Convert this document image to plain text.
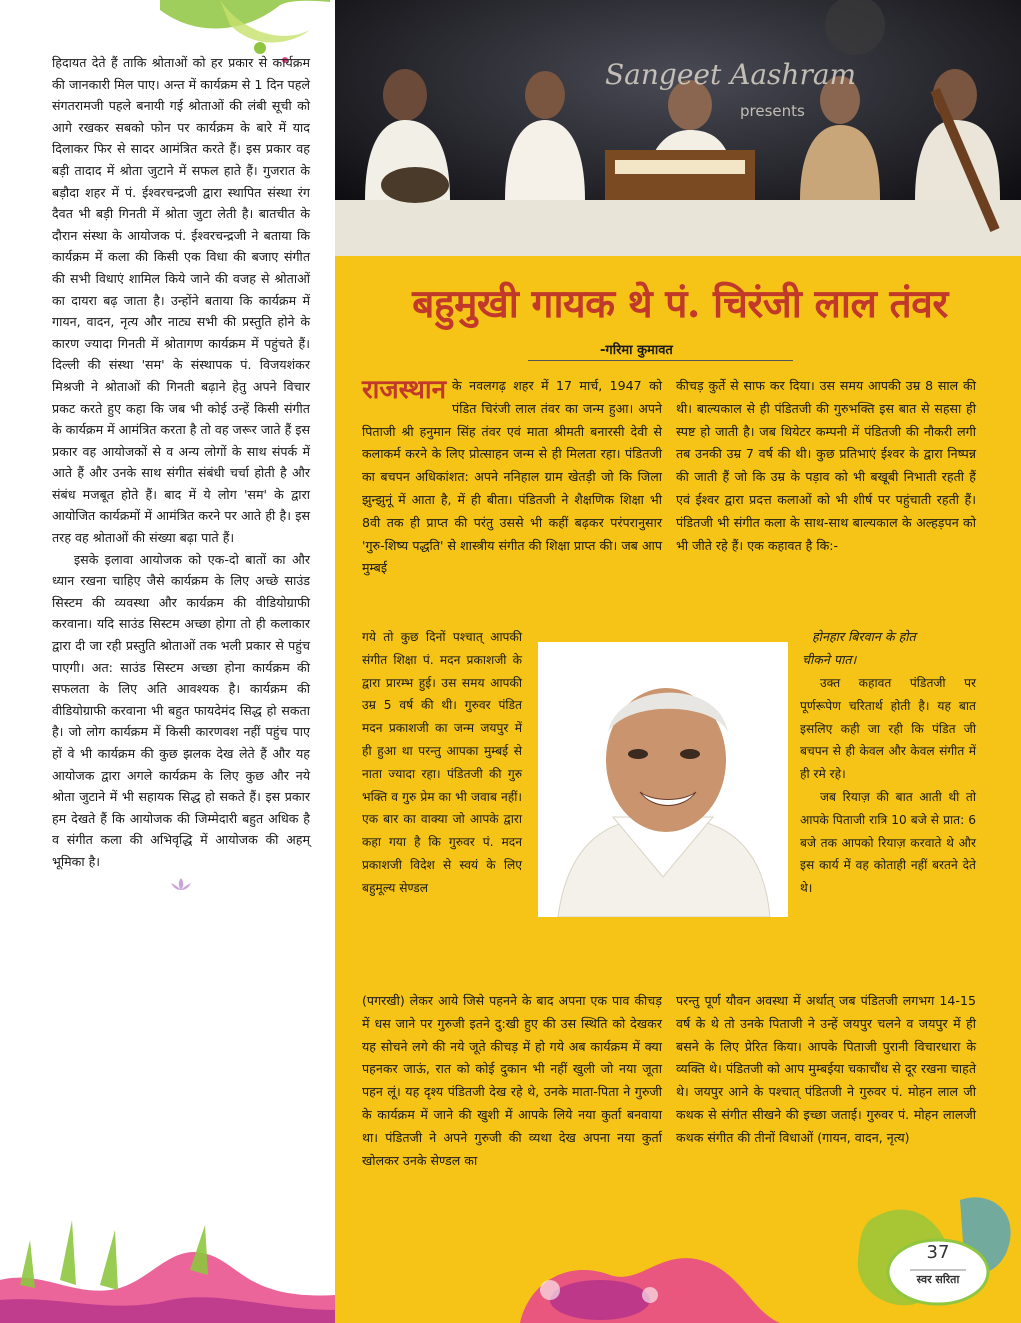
हिदायत देते हैं ताकि श्रोताओं को हर प्रकार से कार्यक्रम की जानकारी मिल पाए। अन्त में कार्यक्रम से 1 दिन पहले संगतरामजी पहले बनायी गई श्रोताओं की लंबी सूची को आगे रखकर सबको फोन पर कार्यक्रम के बारे में याद दिलाकर फिर से सादर आमंत्रित करते हैं। इस प्रकार वह बड़ी तादाद में श्रोता जुटाने में सफल हाते हैं। गुजरात के बड़ौदा शहर में पं. ईश्वरचन्द्रजी द्वारा स्थापित संस्था रंग दैवत भी बड़ी गिनती में श्रोता जुटा लेती है। बातचीत के दौरान संस्था के आयोजक पं. ईश्वरचन्द्रजी ने बताया कि कार्यक्रम में कला की किसी एक विधा की बजाए संगीत की सभी विधाएं शामिल किये जाने की वजह से श्रोताओं का दायरा बढ़ जाता है। उन्होंने बताया कि कार्यक्रम में गायन, वादन, नृत्य और नाट्य सभी की प्रस्तुति होने के कारण ज्यादा गिनती में श्रोतागण कार्यक्रम में पहुंचते हैं। दिल्ली की संस्था 'सम' के संस्थापक पं. विजयशंकर मिश्रजी ने श्रोताओं की गिनती बढ़ाने हेतु अपने विचार प्रकट करते हुए कहा कि जब भी कोई उन्हें किसी संगीत के कार्यक्रम में आमंत्रित करता है तो वह जरूर जाते हैं इस प्रकार वह आयोजकों से व अन्य लोगों के साथ संपर्क में आते हैं और उनके साथ संगीत संबंधी चर्चा होती है और संबंध मजबूत होते हैं। बाद में ये लोग 'सम' के द्वारा आयोजित कार्यक्रमों में आमंत्रित करने पर आते ही है। इस तरह वह श्रोताओं की संख्या बढ़ा पाते हैं।

इसके इलावा आयोजक को एक-दो बातों का और ध्यान रखना चाहिए जैसे कार्यक्रम के लिए अच्छे साउंड सिस्टम की व्यवस्था और कार्यक्रम की वीडियोग्राफी करवाना। यदि साउंड सिस्टम अच्छा होगा तो ही कलाकार द्वारा दी जा रही प्रस्तुति श्रोताओं तक भली प्रकार से पहुंच पाएगी। अत: साउंड सिस्टम अच्छा होना कार्यक्रम की सफलता के लिए अति आवश्यक है। कार्यक्रम की वीडियोग्राफी करवाना भी बहुत फायदेमंद सिद्ध हो सकता है। जो लोग कार्यक्रम में किसी कारणवश नहीं पहुंच पाए हों वे भी कार्यक्रम की कुछ झलक देख लेते हैं और यह आयोजक द्वारा अगले कार्यक्रम के लिए कुछ और नये श्रोता जुटाने में भी सहायक सिद्ध हो सकते हैं। इस प्रकार हम देखते हैं कि आयोजक की जिम्मेदारी बहुत अधिक है व संगीत कला की अभिवृद्धि में आयोजक की अहम् भूमिका है।

Sangeet Aashram
presents
बहुमुखी गायक थे पं. चिरंजी लाल तंवर
-गरिमा कुमावत
राजस्थान के नवलगढ़ शहर में 17 मार्च, 1947 को पंडित चिरंजी लाल तंवर का जन्म हुआ। अपने पिताजी श्री हनुमान सिंह तंवर एवं माता श्रीमती बनारसी देवी से कलाकर्म करने के लिए प्रोत्साहन जन्म से ही मिलता रहा। पंडितजी का बचपन अधिकांशत: अपने ननिहाल ग्राम खेतड़ी जो कि जिला झुन्झुनूं में आता है, में ही बीता। पंडितजी ने शैक्षणिक शिक्षा भी 8वी तक ही प्राप्त की परंतु उससे भी कहीं बढ़कर परंपरानुसार 'गुरु-शिष्य पद्धति' से शास्त्रीय संगीत की शिक्षा प्राप्त की। जब आप मुम्बई
गये तो कुछ दिनों पश्चात् आपकी संगीत शिक्षा पं. मदन प्रकाशजी के द्वारा प्रारम्भ हुई। उस समय आपकी उम्र 5 वर्ष की थी। गुरुवर पंडित मदन प्रकाशजी का जन्म जयपुर में ही हुआ था परन्तु आपका मुम्बई से नाता ज्यादा रहा। पंडितजी की गुरु भक्ति व गुरु प्रेम का भी जवाब नहीं। एक बार का वाक्या जो आपके द्वारा कहा गया है कि गुरुवर पं. मदन प्रकाशजी विदेश से स्वयं के लिए बहुमूल्य सेण्डल
(पगरखी) लेकर आये जिसे पहनने के बाद अपना एक पाव कीचड़ में धस जाने पर गुरुजी इतने दु:खी हुए की उस स्थिति को देखकर यह सोचने लगे की नये जूते कीचड़ में हो गये अब कार्यक्रम में क्या पहनकर जाऊं, रात को कोई दुकान भी नहीं खुली जो नया जूता पहन लूं। यह दृश्य पंडितजी देख रहे थे, उनके माता-पिता ने गुरुजी के कार्यक्रम में जाने की खुशी में आपके लिये नया कुर्ता बनवाया था। पंडितजी ने अपने गुरुजी की व्यथा देख अपना नया कुर्ता खोलकर उनके सेण्डल का
कीचड़ कुर्ते से साफ कर दिया। उस समय आपकी उम्र 8 साल की थी। बाल्यकाल से ही पंडितजी की गुरुभक्ति इस बात से सहसा ही स्पष्ट हो जाती है। जब थियेटर कम्पनी में पंडितजी की नौकरी लगी तब उनकी उम्र 7 वर्ष की थी। कुछ प्रतिभाएं ईश्वर के द्वारा निष्पन्न की जाती हैं जो कि उम्र के पड़ाव को भी बखूबी निभाती रहती हैं एवं ईश्वर द्वारा प्रदत्त कलाओं को भी शीर्ष पर पहुंचाती रहती हैं। पंडितजी भी संगीत कला के साथ-साथ बाल्यकाल के अल्हड़पन को भी जीते रहे हैं। एक कहावत है कि:-
होनहार बिरवान के होत
चीकने पात।

उक्त कहावत पंडितजी पर पूर्णरूपेण चरितार्थ होती है। यह बात इसलिए कही जा रही कि पंडित जी बचपन से ही केवल और केवल संगीत में ही रमे रहे।

जब रियाज़ की बात आती थी तो आपके पिताजी रात्रि 10 बजे से प्रात: 6 बजे तक आपको रियाज़ करवाते थे और इस कार्य में वह कोताही नहीं बरतने देते थे।

परन्तु पूर्ण यौवन अवस्था में अर्थात् जब पंडितजी लगभग 14-15 वर्ष के थे तो उनके पिताजी ने उन्हें जयपुर चलने व जयपुर में ही बसने के लिए प्रेरित किया। आपके पिताजी पुरानी विचारधारा के व्यक्ति थे। पंडितजी को आप मुम्बईया चकाचौंध से दूर रखना चाहते थे। जयपुर आने के पश्चात् पंडितजी ने गुरुवर पं. मोहन लाल जी कथक से संगीत सीखने की इच्छा जताई। गुरुवर पं. मोहन लालजी कथक संगीत की तीनों विधाओं (गायन, वादन, नृत्य)
37
स्वर सरिता
